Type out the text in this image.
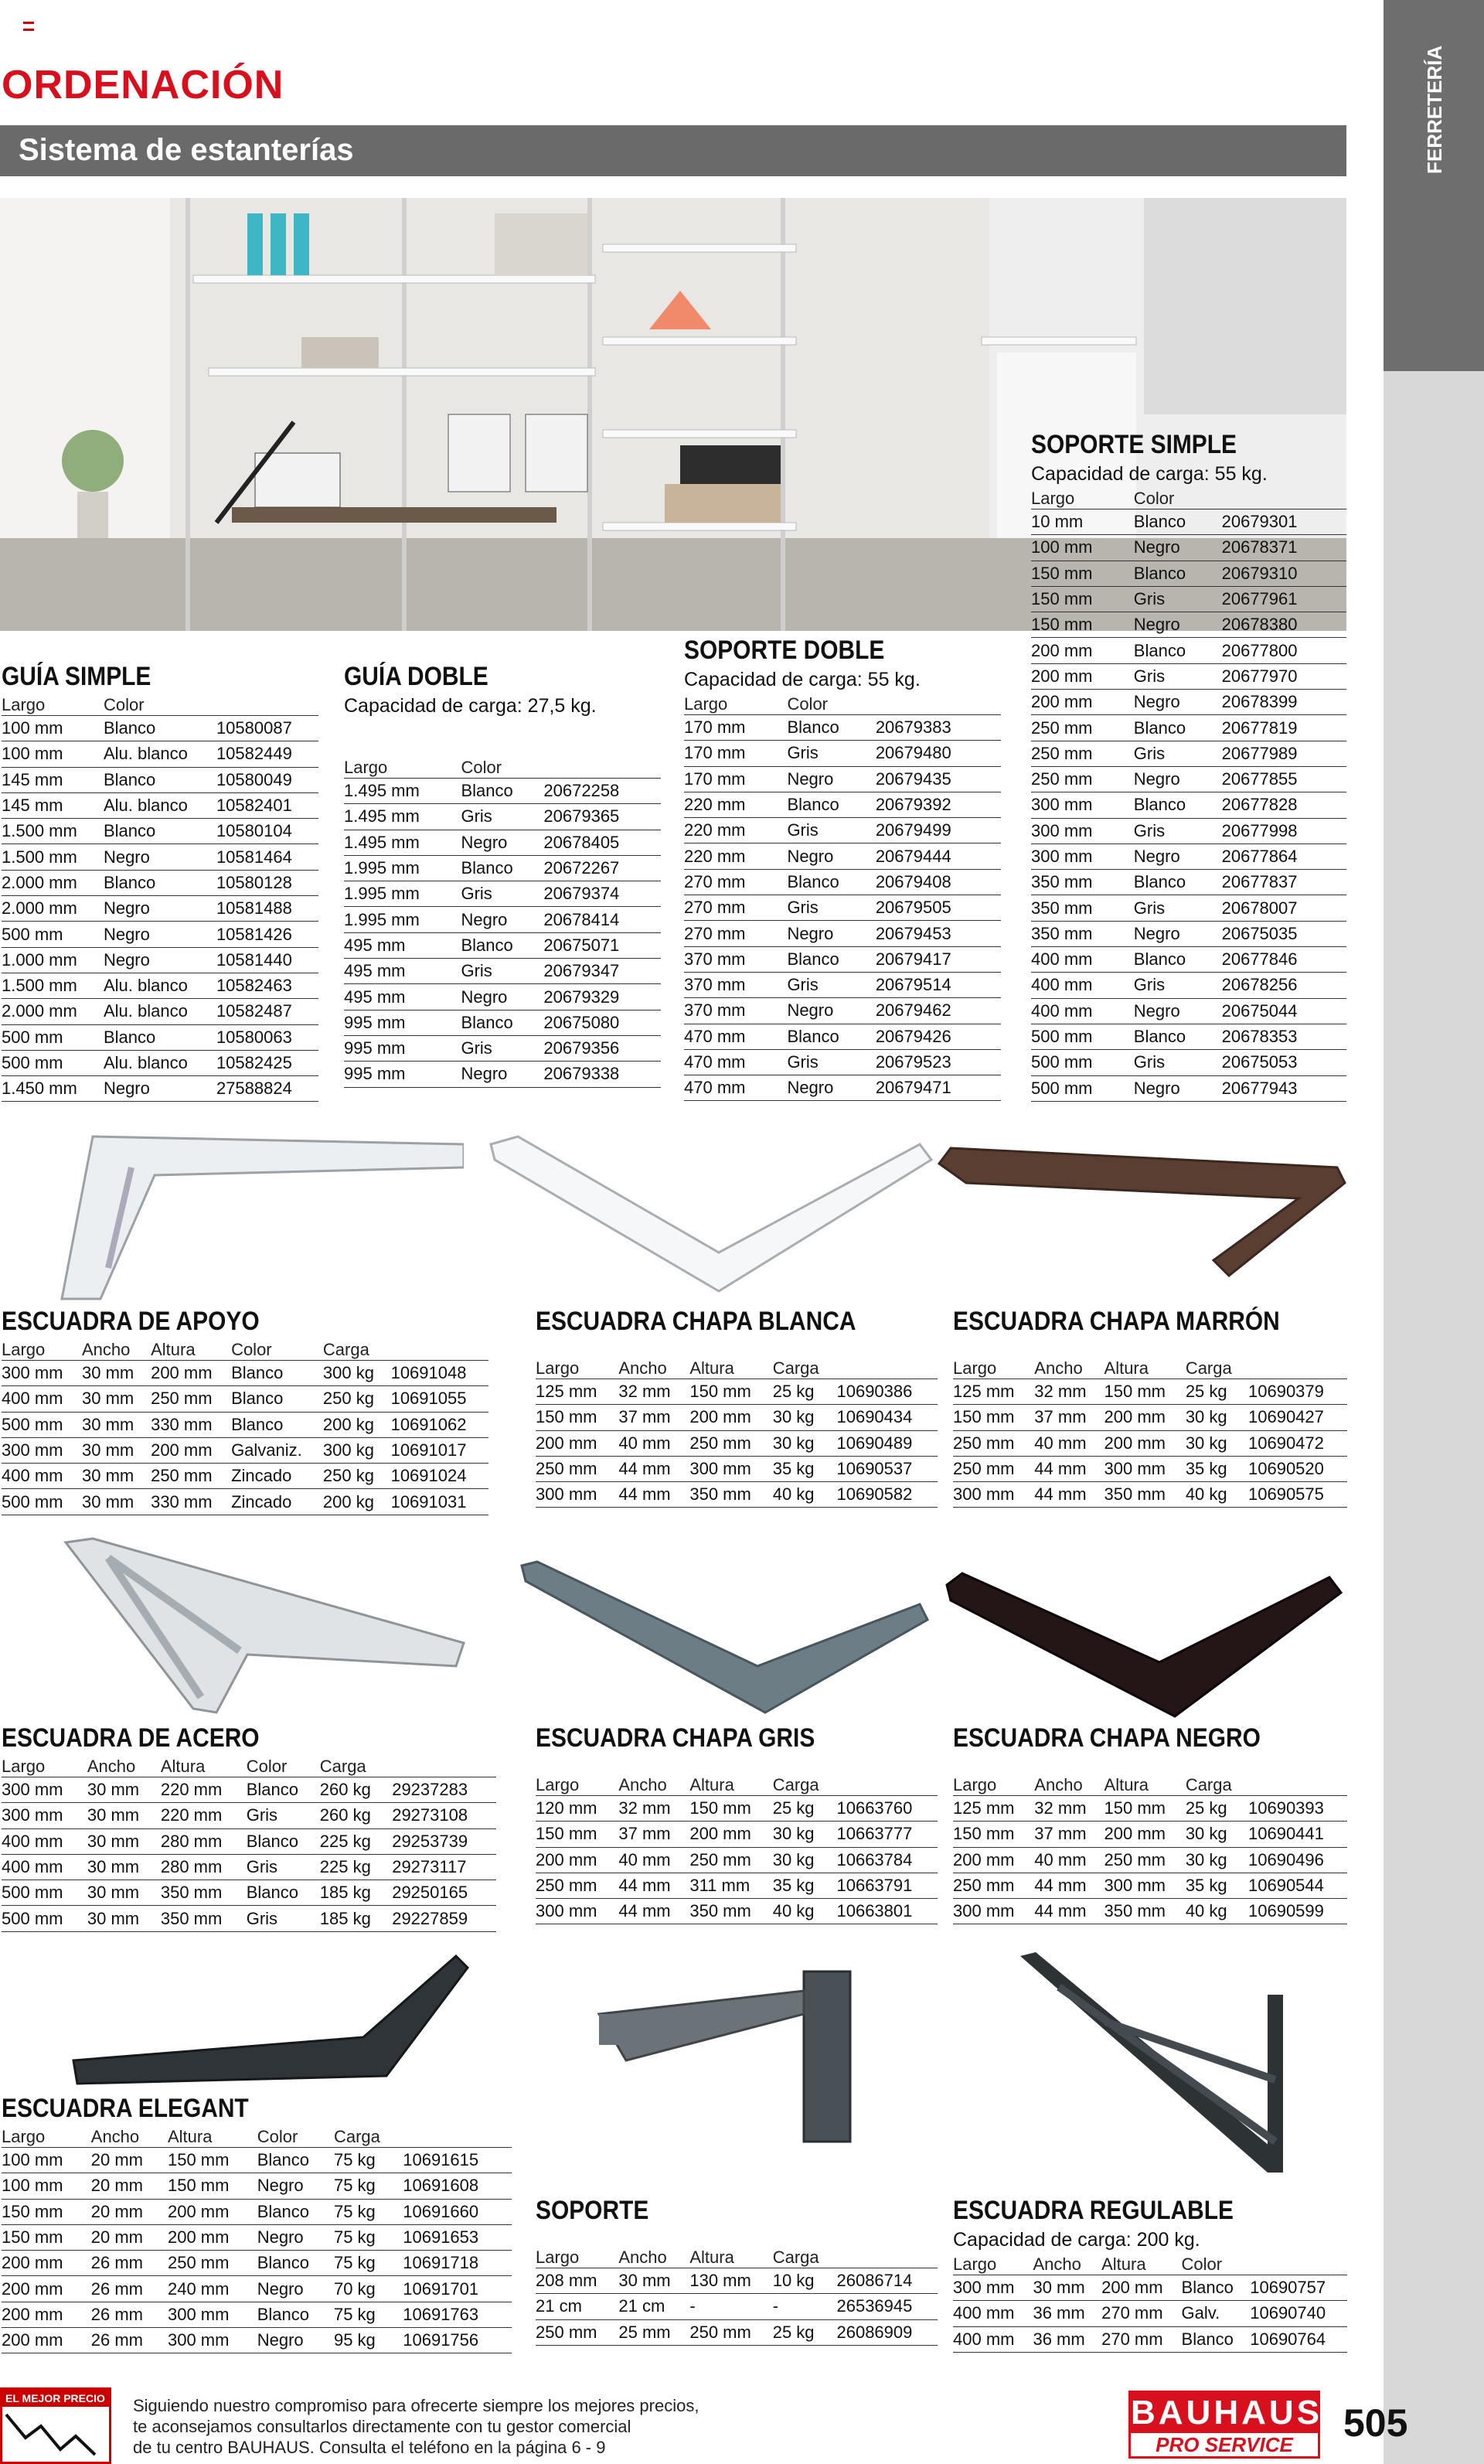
FERRETERÍA
ORDENACIÓN
Sistema de estanterías
GUÍA SIMPLE
Largo	Color	
100 mm	Blanco	10580087
100 mm	Alu. blanco	10582449
145 mm	Blanco	10580049
145 mm	Alu. blanco	10582401
1.500 mm	Blanco	10580104
1.500 mm	Negro	10581464
2.000 mm	Blanco	10580128
2.000 mm	Negro	10581488
500 mm	Negro	10581426
1.000 mm	Negro	10581440
1.500 mm	Alu. blanco	10582463
2.000 mm	Alu. blanco	10582487
500 mm	Blanco	10580063
500 mm	Alu. blanco	10582425
1.450 mm	Negro	27588824
GUÍA DOBLE
Capacidad de carga: 27,5 kg.
Largo	Color	
1.495 mm	Blanco	20672258
1.495 mm	Gris	20679365
1.495 mm	Negro	20678405
1.995 mm	Blanco	20672267
1.995 mm	Gris	20679374
1.995 mm	Negro	20678414
495 mm	Blanco	20675071
495 mm	Gris	20679347
495 mm	Negro	20679329
995 mm	Blanco	20675080
995 mm	Gris	20679356
995 mm	Negro	20679338
SOPORTE DOBLE
Capacidad de carga: 55 kg.
Largo	Color	
170 mm	Blanco	20679383
170 mm	Gris	20679480
170 mm	Negro	20679435
220 mm	Blanco	20679392
220 mm	Gris	20679499
220 mm	Negro	20679444
270 mm	Blanco	20679408
270 mm	Gris	20679505
270 mm	Negro	20679453
370 mm	Blanco	20679417
370 mm	Gris	20679514
370 mm	Negro	20679462
470 mm	Blanco	20679426
470 mm	Gris	20679523
470 mm	Negro	20679471
SOPORTE SIMPLE
Capacidad de carga: 55 kg.
Largo	Color	
10 mm	Blanco	20679301
100 mm	Negro	20678371
150 mm	Blanco	20679310
150 mm	Gris	20677961
150 mm	Negro	20678380
200 mm	Blanco	20677800
200 mm	Gris	20677970
200 mm	Negro	20678399
250 mm	Blanco	20677819
250 mm	Gris	20677989
250 mm	Negro	20677855
300 mm	Blanco	20677828
300 mm	Gris	20677998
300 mm	Negro	20677864
350 mm	Blanco	20677837
350 mm	Gris	20678007
350 mm	Negro	20675035
400 mm	Blanco	20677846
400 mm	Gris	20678256
400 mm	Negro	20675044
500 mm	Blanco	20678353
500 mm	Gris	20675053
500 mm	Negro	20677943
ESCUADRA DE APOYO
Largo	Ancho	Altura	Color	Carga	
300 mm	30 mm	200 mm	Blanco	300 kg	10691048
400 mm	30 mm	250 mm	Blanco	250 kg	10691055
500 mm	30 mm	330 mm	Blanco	200 kg	10691062
300 mm	30 mm	200 mm	Galvaniz.	300 kg	10691017
400 mm	30 mm	250 mm	Zincado	250 kg	10691024
500 mm	30 mm	330 mm	Zincado	200 kg	10691031
ESCUADRA CHAPA BLANCA
Largo	Ancho	Altura	Carga	
125 mm	32 mm	150 mm	25 kg	10690386
150 mm	37 mm	200 mm	30 kg	10690434
200 mm	40 mm	250 mm	30 kg	10690489
250 mm	44 mm	300 mm	35 kg	10690537
300 mm	44 mm	350 mm	40 kg	10690582
ESCUADRA CHAPA MARRÓN
Largo	Ancho	Altura	Carga	
125 mm	32 mm	150 mm	25 kg	10690379
150 mm	37 mm	200 mm	30 kg	10690427
250 mm	40 mm	200 mm	30 kg	10690472
250 mm	44 mm	300 mm	35 kg	10690520
300 mm	44 mm	350 mm	40 kg	10690575
ESCUADRA DE ACERO
Largo	Ancho	Altura	Color	Carga	
300 mm	30 mm	220 mm	Blanco	260 kg	29237283
300 mm	30 mm	220 mm	Gris	260 kg	29273108
400 mm	30 mm	280 mm	Blanco	225 kg	29253739
400 mm	30 mm	280 mm	Gris	225 kg	29273117
500 mm	30 mm	350 mm	Blanco	185 kg	29250165
500 mm	30 mm	350 mm	Gris	185 kg	29227859
ESCUADRA CHAPA GRIS
Largo	Ancho	Altura	Carga	
120 mm	32 mm	150 mm	25 kg	10663760
150 mm	37 mm	200 mm	30 kg	10663777
200 mm	40 mm	250 mm	30 kg	10663784
250 mm	44 mm	311 mm	35 kg	10663791
300 mm	44 mm	350 mm	40 kg	10663801
ESCUADRA CHAPA NEGRO
Largo	Ancho	Altura	Carga	
125 mm	32 mm	150 mm	25 kg	10690393
150 mm	37 mm	200 mm	30 kg	10690441
200 mm	40 mm	250 mm	30 kg	10690496
250 mm	44 mm	300 mm	35 kg	10690544
300 mm	44 mm	350 mm	40 kg	10690599
ESCUADRA ELEGANT
Largo	Ancho	Altura	Color	Carga	
100 mm	20 mm	150 mm	Blanco	75 kg	10691615
100 mm	20 mm	150 mm	Negro	75 kg	10691608
150 mm	20 mm	200 mm	Blanco	75 kg	10691660
150 mm	20 mm	200 mm	Negro	75 kg	10691653
200 mm	26 mm	250 mm	Blanco	75 kg	10691718
200 mm	26 mm	240 mm	Negro	70 kg	10691701
200 mm	26 mm	300 mm	Blanco	75 kg	10691763
200 mm	26 mm	300 mm	Negro	95 kg	10691756
SOPORTE
Largo	Ancho	Altura	Carga	
208 mm	30 mm	130 mm	10 kg	26086714
21 cm	21 cm	-	-	26536945
250 mm	25 mm	250 mm	25 kg	26086909
ESCUADRA REGULABLE
Capacidad de carga: 200 kg.
Largo	Ancho	Altura	Color	
300 mm	30 mm	200 mm	Blanco	10690757
400 mm	36 mm	270 mm	Galv.	10690740
400 mm	36 mm	270 mm	Blanco	10690764
EL MEJOR PRECIO Siguiendo nuestro compromiso para ofrecerte siempre los mejores precios,
te aconsejamos consultarlos directamente con tu gestor comercial
de tu centro BAUHAUS. Consulta el teléfono en la página 6 - 9
BAUHAUS
PRO SERVICE	505
